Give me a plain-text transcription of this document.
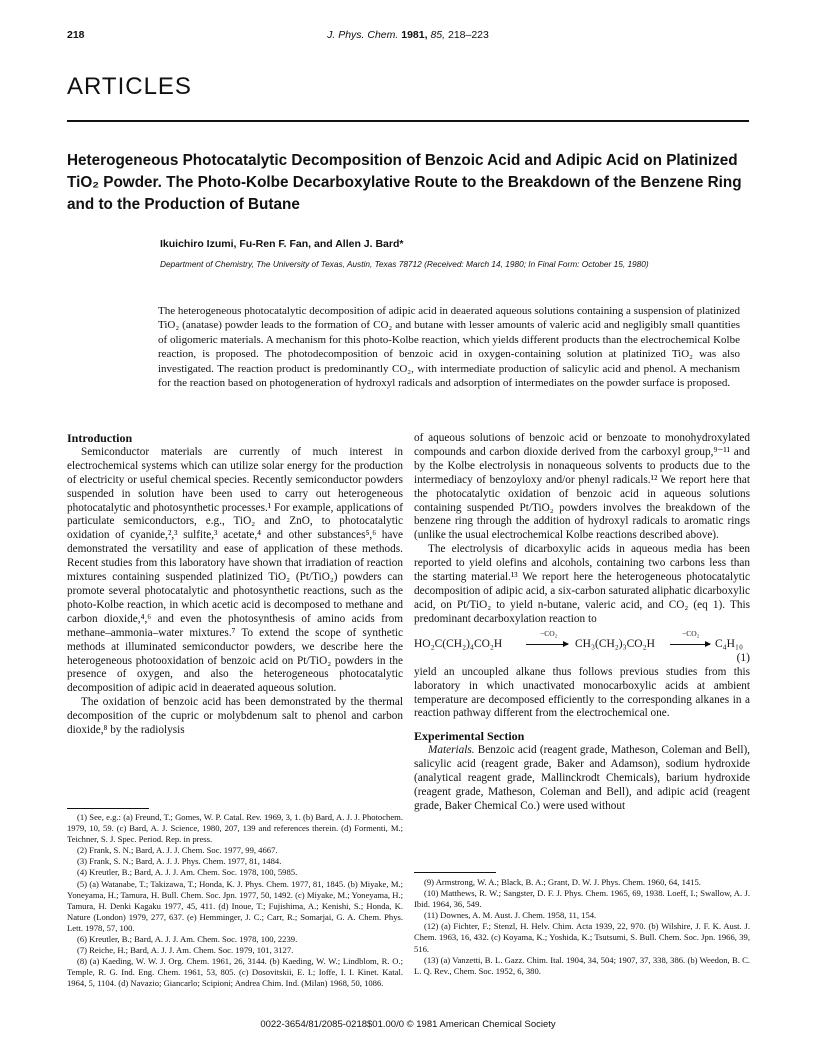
218	J. Phys. Chem. 1981, 85, 218–223
ARTICLES
Heterogeneous Photocatalytic Decomposition of Benzoic Acid and Adipic Acid on Platinized TiO₂ Powder. The Photo-Kolbe Decarboxylative Route to the Breakdown of the Benzene Ring and to the Production of Butane
Ikuichiro Izumi, Fu-Ren F. Fan, and Allen J. Bard*
Department of Chemistry, The University of Texas, Austin, Texas 78712 (Received: March 14, 1980; In Final Form: October 15, 1980)
The heterogeneous photocatalytic decomposition of adipic acid in deaerated aqueous solutions containing a suspension of platinized TiO₂ (anatase) powder leads to the formation of CO₂ and butane with lesser amounts of valeric acid and negligibly small quantities of oligomeric materials. A mechanism for this photo-Kolbe reaction, which yields different products than the electrochemical Kolbe reaction, is proposed. The photodecomposition of benzoic acid in oxygen-containing solution at platinized TiO₂ was also investigated. The reaction product is predominantly CO₂, with intermediate production of salicylic acid and phenol. A mechanism for the reaction based on photogeneration of hydroxyl radicals and adsorption of intermediates on the powder surface is proposed.
Introduction

Semiconductor materials are currently of much interest in electrochemical systems which can utilize solar energy for the production of electricity or useful chemical species. Recently semiconductor powders suspended in solution have been used to carry out heterogeneous photocatalytic and photosynthetic processes.¹ For example, applications of particulate semiconductors, e.g., TiO₂ and ZnO, to photocatalytic oxidation of cyanide,²,³ sulfite,³ acetate,⁴ and other substances⁵,⁶ have demonstrated the versatility and ease of application of these methods. Recent studies from this laboratory have shown that irradiation of reaction mixtures containing suspended platinized TiO₂ (Pt/TiO₂) powders can promote several photocatalytic and photosynthetic reactions, such as the photo-Kolbe reaction, in which acetic acid is decomposed to methane and carbon dioxide,⁴,⁶ and even the photosynthesis of amino acids from methane–ammonia–water mixtures.⁷ To extend the scope of synthetic methods at illuminated semiconductor powders, we describe here the heterogeneous photooxidation of benzoic acid on Pt/TiO₂ powders in the presence of oxygen, and also the heterogeneous photocatalytic decomposition of adipic acid in deaerated aqueous solution.

The oxidation of benzoic acid has been demonstrated by the thermal decomposition of the cupric or molybdenum salt to phenol and carbon dioxide,⁸ by the radiolysis

(1) See, e.g.: (a) Freund, T.; Gomes, W. P. Catal. Rev. 1969, 3, 1. (b) Bard, A. J. J. Photochem. 1979, 10, 59. (c) Bard, A. J. Science, 1980, 207, 139 and references therein. (d) Formenti, M.; Teichner, S. J. Spec. Period. Rep. in press.

(2) Frank, S. N.; Bard, A. J. J. Chem. Soc. 1977, 99, 4667.

(3) Frank, S. N.; Bard, A. J. J. Phys. Chem. 1977, 81, 1484.

(4) Kreutler, B.; Bard, A. J. J. Am. Chem. Soc. 1978, 100, 5985.

(5) (a) Watanabe, T.; Takizawa, T.; Honda, K. J. Phys. Chem. 1977, 81, 1845. (b) Miyake, M.; Yoneyama, H.; Tamura, H. Bull. Chem. Soc. Jpn. 1977, 50, 1492. (c) Miyake, M.; Yoneyama, H.; Tamura, H. Denki Kagaku 1977, 45, 411. (d) Inoue, T.; Fujishima, A.; Kenishi, S.; Honda, K. Nature (London) 1979, 277, 637. (e) Hemminger, J. C.; Carr, R.; Somarjai, G. A. Chem. Phys. Lett. 1978, 57, 100.

(6) Kreutler, B.; Bard, A. J. J. Am. Chem. Soc. 1978, 100, 2239.

(7) Reiche, H.; Bard, A. J. J. Am. Chem. Soc. 1979, 101, 3127.

(8) (a) Kaeding, W. W. J. Org. Chem. 1961, 26, 3144. (b) Kaeding, W. W.; Lindblom, R. O.; Temple, R. G. Ind. Eng. Chem. 1961, 53, 805. (c) Dosovitskii, E. I.; Ioffe, I. I. Kinet. Katal. 1964, 5, 1104. (d) Navazio; Giancarlo; Scipioni; Andrea Chim. Ind. (Milan) 1968, 50, 1086.

of aqueous solutions of benzoic acid or benzoate to monohydroxylated compounds and carbon dioxide derived from the carboxyl group,⁹⁻¹¹ and by the Kolbe electrolysis in nonaqueous solvents to products due to the intermediacy of benzoyloxy and/or phenyl radicals.¹² We report here that the photocatalytic oxidation of benzoic acid in aqueous solutions containing suspended Pt/TiO₂ powders involves the breakdown of the benzene ring through the addition of hydroxyl radicals to aromatic rings (unlike the usual electrochemical Kolbe reactions described above).

The electrolysis of dicarboxylic acids in aqueous media has been reported to yield olefins and alcohols, containing two carbons less than the starting material.¹³ We report here the heterogeneous photocatalytic decomposition of adipic acid, a six-carbon saturated aliphatic dicarboxylic acid, on Pt/TiO₂ to yield n-butane, valeric acid, and CO₂ (eq 1). This predominant decarboxylation reaction to

HO₂C(CH₂)₄CO₂H
−CO₂
CH₃(CH₂)₃CO₂H
−CO₂
C₄H₁₀
(1)

yield an uncoupled alkane thus follows previous studies from this laboratory in which unactivated monocarboxylic acids at ambient temperature are decomposed efficiently to the corresponding alkanes in a reaction pathway different from the electrochemical one.

Experimental Section

Materials. Benzoic acid (reagent grade, Matheson, Coleman and Bell), salicylic acid (reagent grade, Baker and Adamson), sodium hydroxide (analytical reagent grade, Mallinckrodt Chemicals), barium hydroxide (reagent grade, Matheson, Coleman and Bell), and adipic acid (reagent grade, Baker Chemical Co.) were used without

(9) Armstrong, W. A.; Black, B. A.; Grant, D. W. J. Phys. Chem. 1960, 64, 1415.

(10) Matthews, R. W.; Sangster, D. F. J. Phys. Chem. 1965, 69, 1938. Loeff, I.; Swallow, A. J. Ibid. 1964, 36, 549.

(11) Downes, A. M. Aust. J. Chem. 1958, 11, 154.

(12) (a) Fichter, F.; Stenzl, H. Helv. Chim. Acta 1939, 22, 970. (b) Wilshire, J. F. K. Aust. J. Chem. 1963, 16, 432. (c) Koyama, K.; Yoshida, K.; Tsutsumi, S. Bull. Chem. Soc. Jpn. 1966, 39, 516.

(13) (a) Vanzetti, B. L. Gazz. Chim. Ital. 1904, 34, 504; 1907, 37, 338, 386. (b) Weedon, B. C. L. Q. Rev., Chem. Soc. 1952, 6, 380.

0022-3654/81/2085-0218$01.00/0 © 1981 American Chemical Society
